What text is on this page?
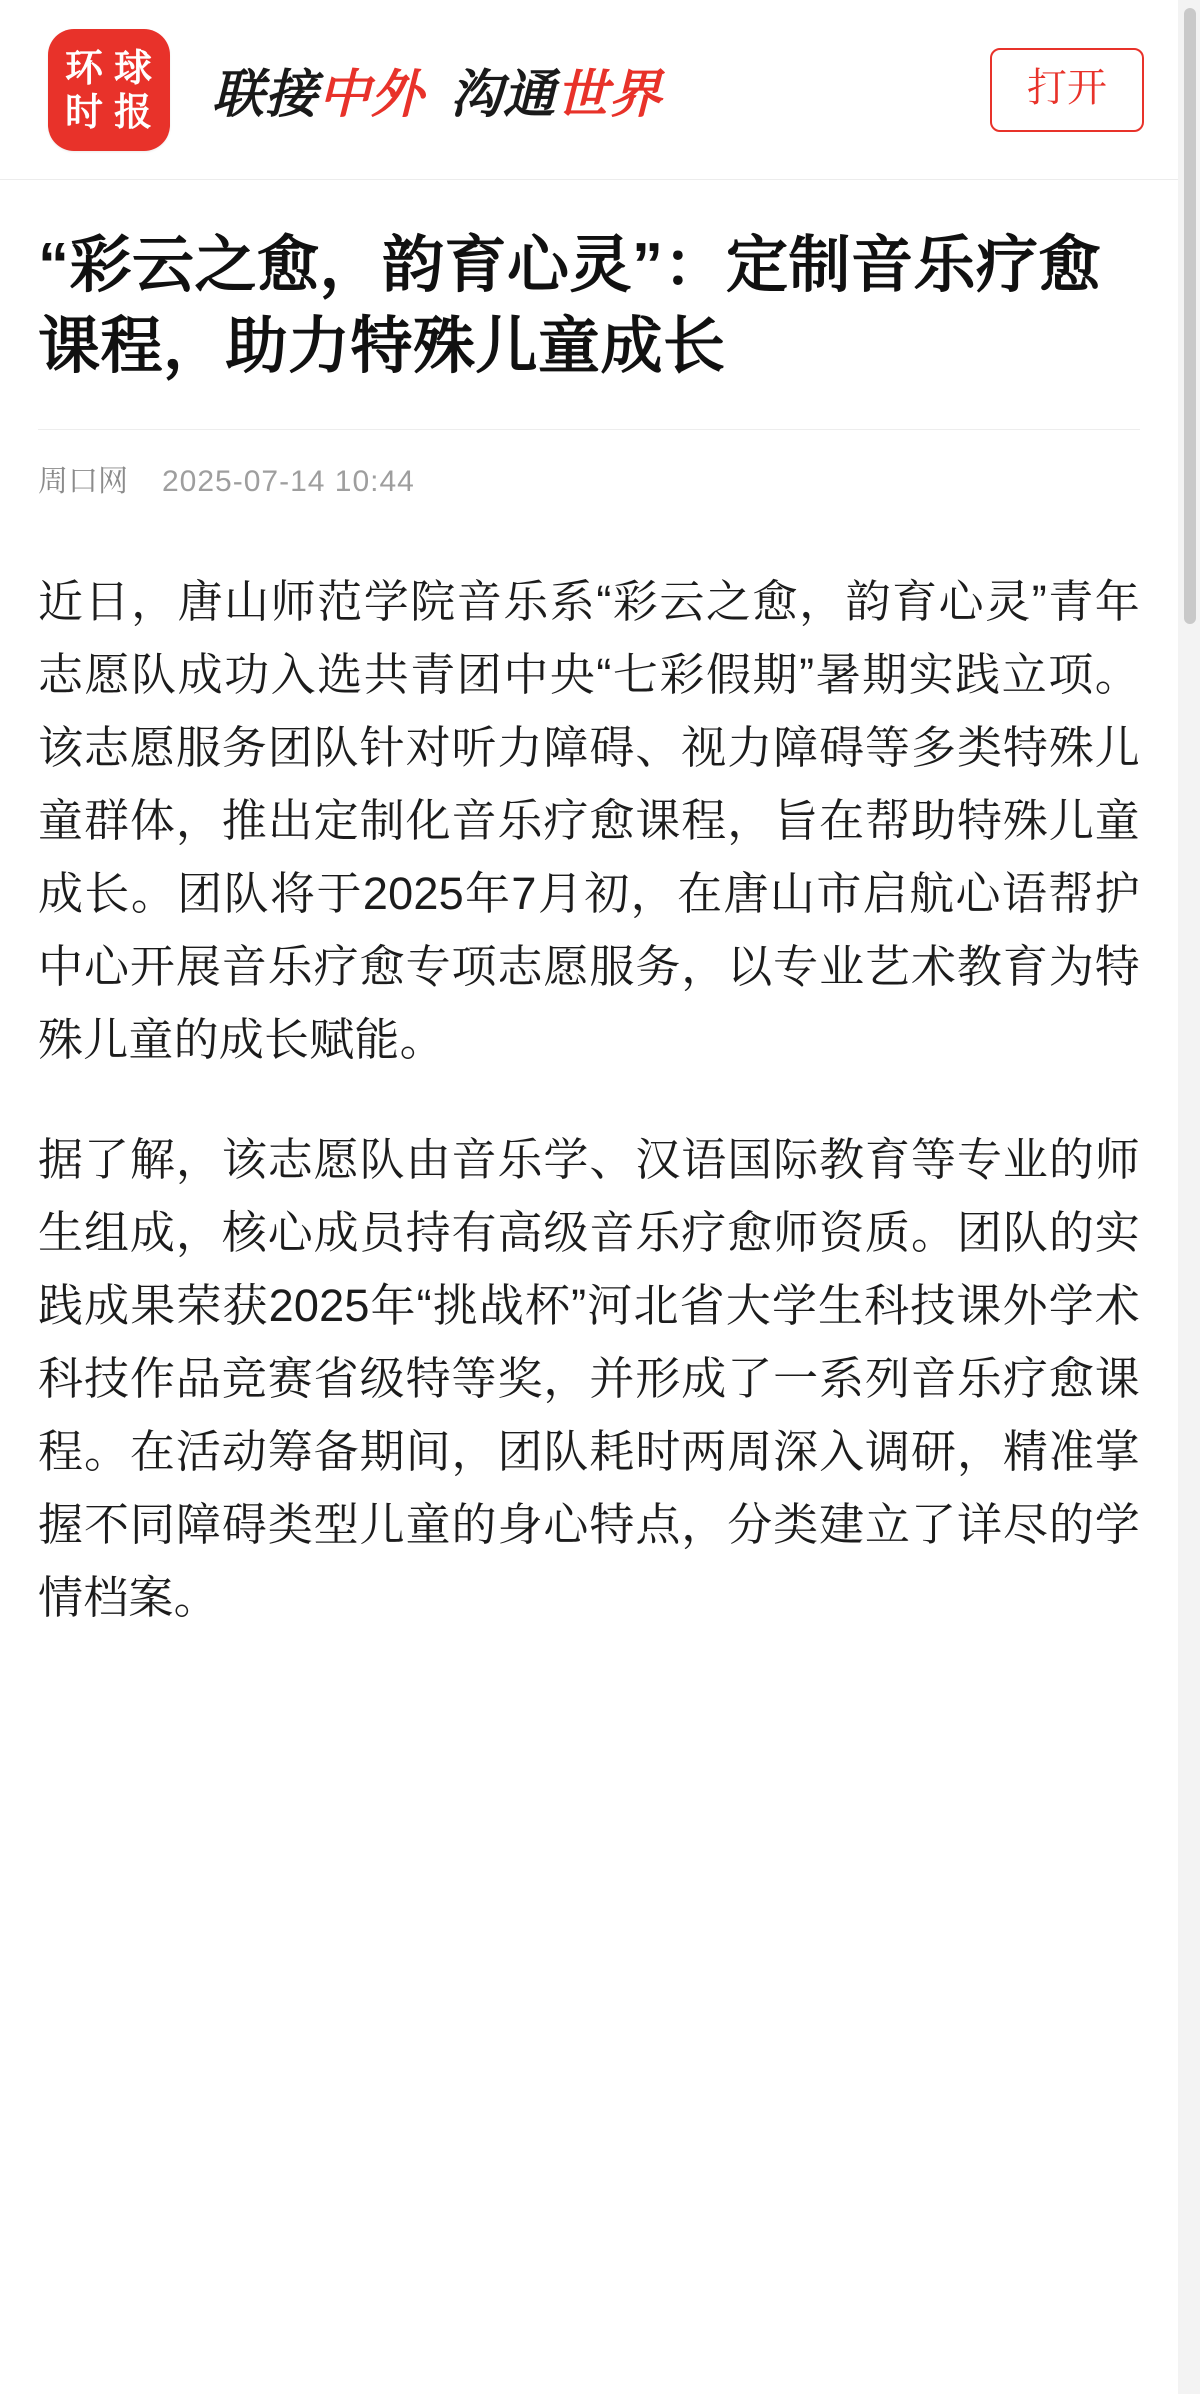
环 球
时 报 联接中外 沟通世界	打开
“彩云之愈，韵育心灵”：定制音乐疗愈课程，助力特殊儿童成长
周口网 2025-07-14 10:44

近日，唐山师范学院音乐系“彩云之愈，韵育心灵”青年志愿队成功入选共青团中央“七彩假期”暑期实践立项。该志愿服务团队针对听力障碍、视力障碍等多类特殊儿童群体，推出定制化音乐疗愈课程，旨在帮助特殊儿童成长。团队将于2025年7月初，在唐山市启航心语帮护中心开展音乐疗愈专项志愿服务，以专业艺术教育为特殊儿童的成长赋能。

据了解，该志愿队由音乐学、汉语国际教育等专业的师生组成，核心成员持有高级音乐疗愈师资质。团队的实践成果荣获2025年“挑战杯”河北省大学生科技课外学术科技作品竞赛省级特等奖，并形成了一系列音乐疗愈课程。在活动筹备期间，团队耗时两周深入调研，精准掌握不同障碍类型儿童的身心特点，分类建立了详尽的学情档案。
